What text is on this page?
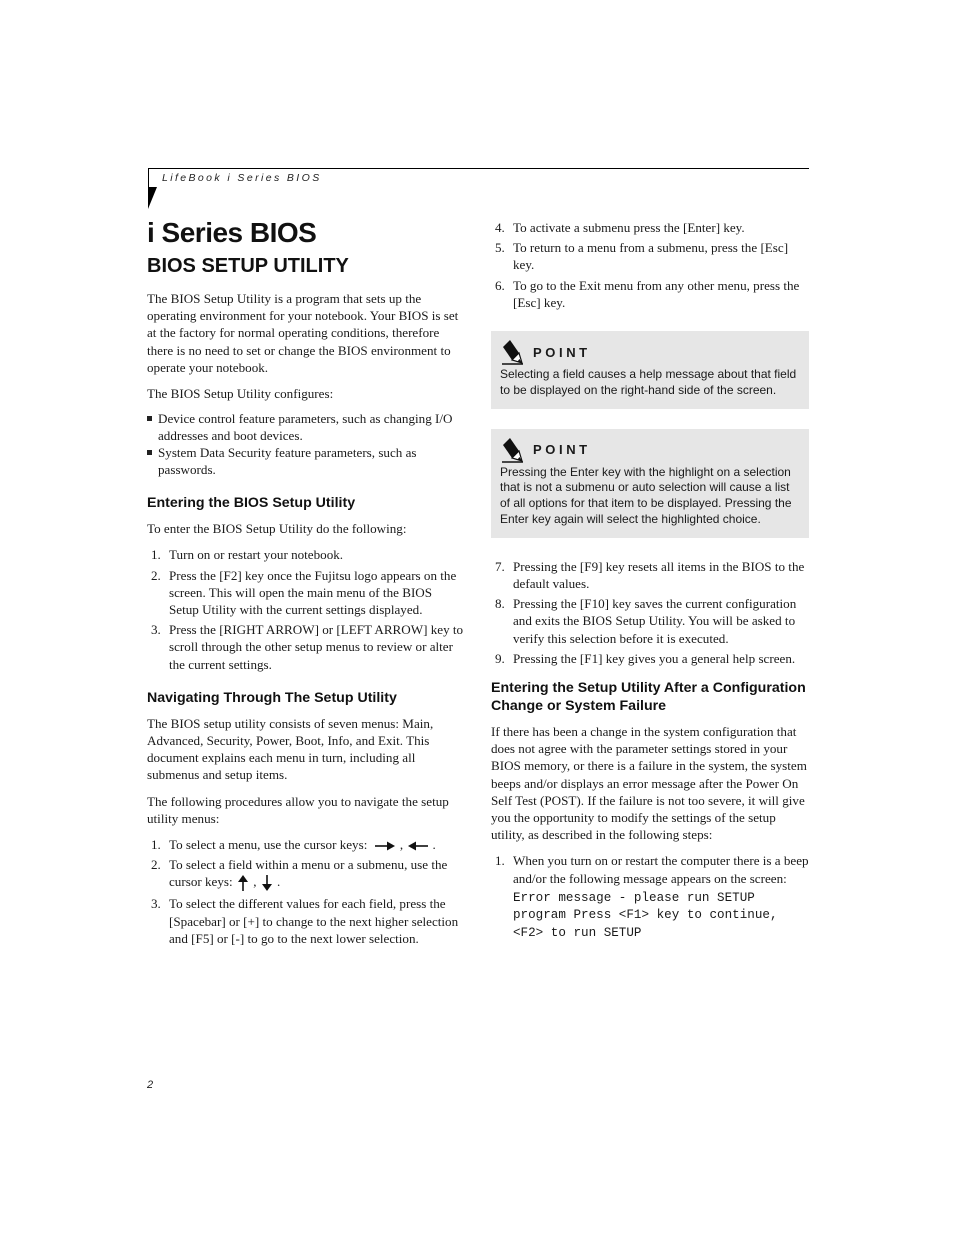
LifeBook i Series BIOS
i Series BIOS
BIOS SETUP UTILITY

The BIOS Setup Utility is a program that sets up the operating environment for your notebook. Your BIOS is set at the factory for normal operating conditions, therefore there is no need to set or change the BIOS environment to operate your notebook.

The BIOS Setup Utility configures:

Device control feature parameters, such as changing I/O addresses and boot devices.
System Data Security feature parameters, such as passwords.
Entering the BIOS Setup Utility

To enter the BIOS Setup Utility do the following:

1. Turn on or restart your notebook.
2. Press the [F2] key once the Fujitsu logo appears on the screen. This will open the main menu of the BIOS Setup Utility with the current settings displayed.
3. Press the [RIGHT ARROW] or [LEFT ARROW] key to scroll through the other setup menus to review or alter the current settings.
Navigating Through The Setup Utility

The BIOS setup utility consists of seven menus: Main, Advanced, Security, Power, Boot, Info, and Exit. This document explains each menu in turn, including all submenus and setup items.

The following procedures allow you to navigate the setup utility menus:

1. To select a menu, use the cursor keys: , .
2. To select a field within a menu or a submenu, use the cursor keys: , .
3. To select the different values for each field, press the [Spacebar] or [+] to change to the next higher selection and [F5] or [-] to go to the next lower selection.
4. To activate a submenu press the [Enter] key.
5. To return to a menu from a submenu, press the [Esc] key.
6. To go to the Exit menu from any other menu, press the [Esc] key.
POINT
Selecting a field causes a help message about that field to be displayed on the right-hand side of the screen.
POINT
Pressing the Enter key with the highlight on a selection that is not a submenu or auto selection will cause a list of all options for that item to be displayed. Pressing the Enter key again will select the highlighted choice.
7. Pressing the [F9] key resets all items in the BIOS to the default values.
8. Pressing the [F10] key saves the current configuration and exits the BIOS Setup Utility. You will be asked to verify this selection before it is executed.
9. Pressing the [F1] key gives you a general help screen.
Entering the Setup Utility After a Configuration Change or System Failure

If there has been a change in the system configuration that does not agree with the parameter settings stored in your BIOS memory, or there is a failure in the system, the system beeps and/or displays an error message after the Power On Self Test (POST). If the failure is not too severe, it will give you the opportunity to modify the settings of the setup utility, as described in the following steps:

1. When you turn on or restart the computer there is a beep and/or the following message appears on the screen:
Error message - please run SETUP program Press <F1> key to continue, <F2> to run SETUP
2
